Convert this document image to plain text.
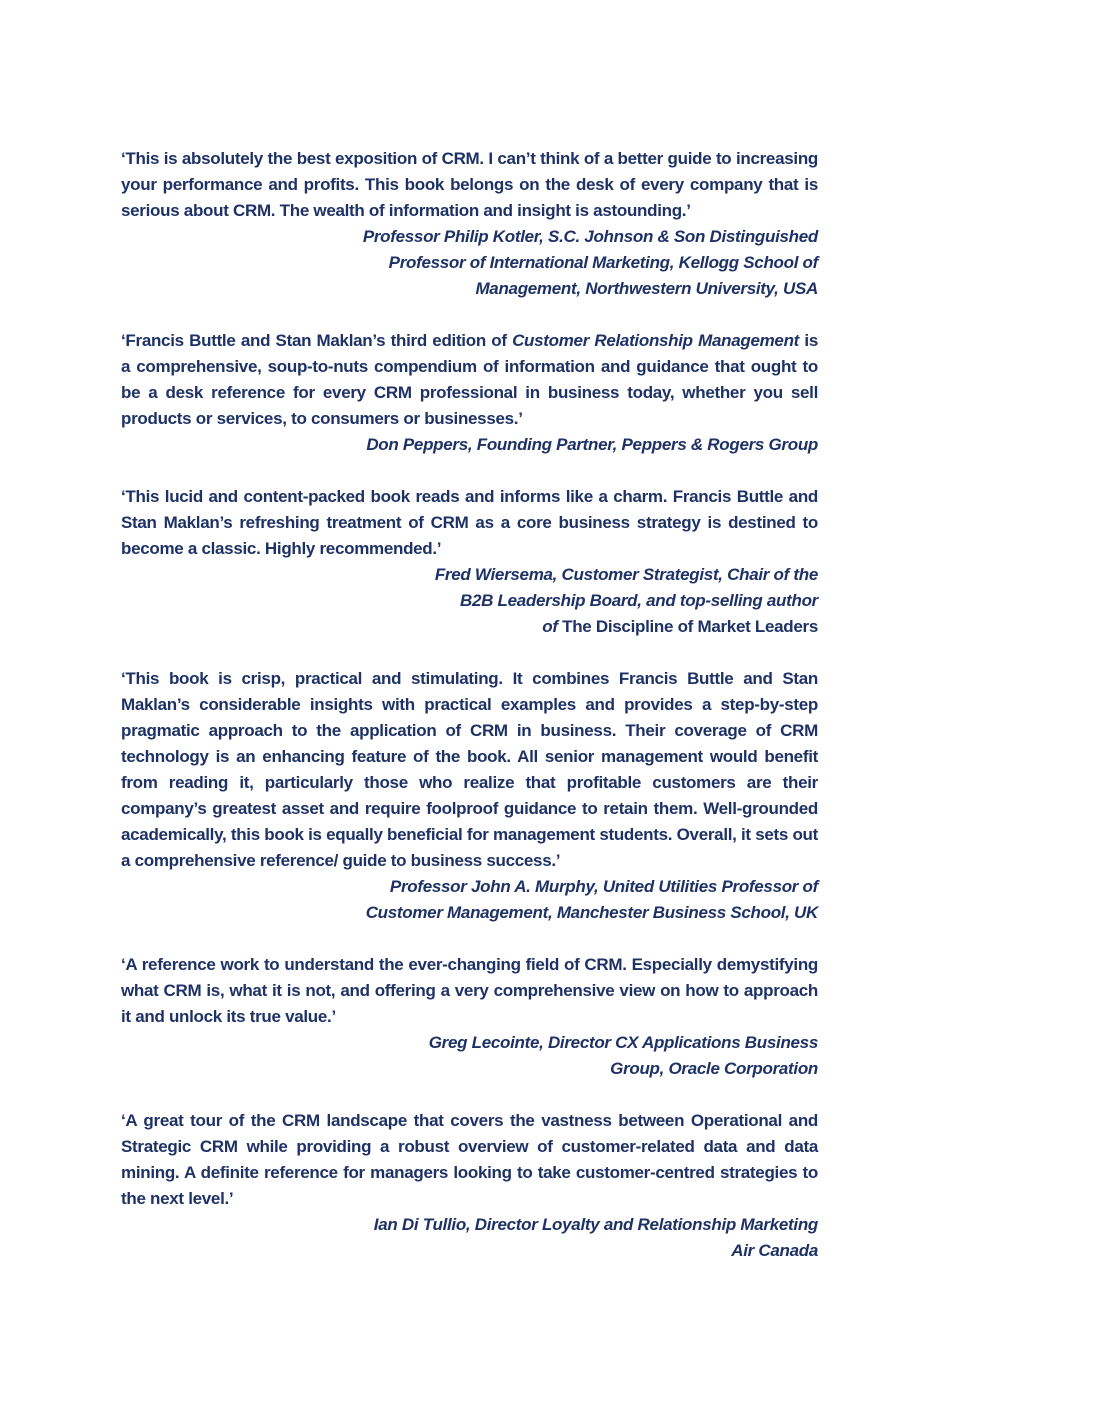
‘This is absolutely the best exposition of CRM. I can’t think of a better guide to increasing your performance and profits. This book belongs on the desk of every company that is serious about CRM. The wealth of information and insight is astounding.’

Professor Philip Kotler, S.C. Johnson & Son Distinguished
Professor of International Marketing, Kellogg School of
Management, Northwestern University, USA

‘Francis Buttle and Stan Maklan’s third edition of Customer Relationship Management is a comprehensive, soup-to-nuts compendium of information and guidance that ought to be a desk reference for every CRM professional in business today, whether you sell products or services, to consumers or businesses.’

Don Peppers, Founding Partner, Peppers & Rogers Group

‘This lucid and content-packed book reads and informs like a charm. Francis Buttle and Stan Maklan’s refreshing treatment of CRM as a core business strategy is destined to become a classic. Highly recommended.’

Fred Wiersema, Customer Strategist, Chair of the
B2B Leadership Board, and top-selling author
of The Discipline of Market Leaders

‘This book is crisp, practical and stimulating. It combines Francis Buttle and Stan Maklan’s considerable insights with practical examples and provides a step-by-step pragmatic approach to the application of CRM in business. Their coverage of CRM technology is an enhancing feature of the book. All senior management would benefit from reading it, particularly those who realize that profitable customers are their company’s greatest asset and require foolproof guidance to retain them. Well-grounded academically, this book is equally beneficial for management students. Overall, it sets out a comprehensive reference/ guide to business success.’

Professor John A. Murphy, United Utilities Professor of
Customer Management, Manchester Business School, UK

‘A reference work to understand the ever-changing field of CRM. Especially demystifying what CRM is, what it is not, and offering a very comprehensive view on how to approach it and unlock its true value.’

Greg Lecointe, Director CX Applications Business
Group, Oracle Corporation

‘A great tour of the CRM landscape that covers the vastness between Operational and Strategic CRM while providing a robust overview of customer-related data and data mining. A definite reference for managers looking to take customer-centred strategies to the next level.’

Ian Di Tullio, Director Loyalty and Relationship Marketing
Air Canada
